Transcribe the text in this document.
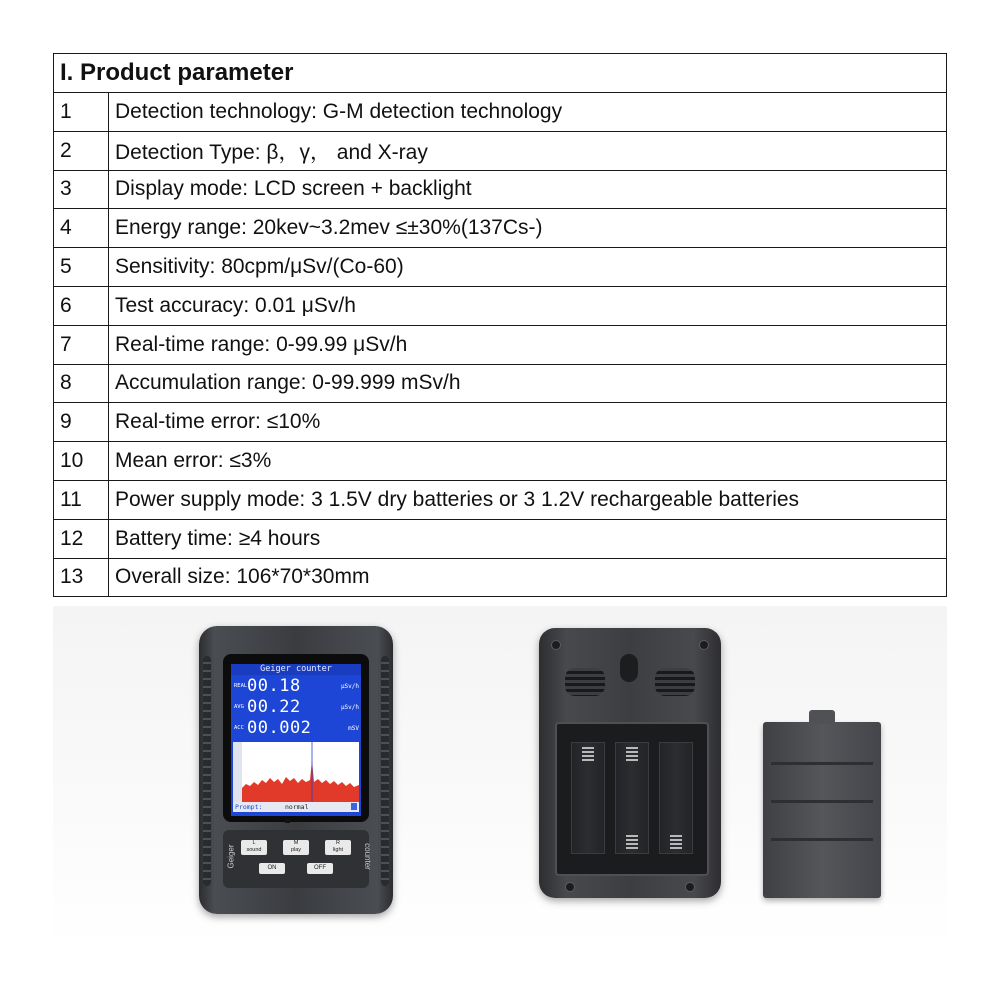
I. Product parameter	
1	Detection technology: G-M detection technology
2	Detection Type: β，γ， and X-ray
3	Display mode: LCD screen + backlight
4	Energy range: 20kev~3.2mev ≤±30%(137Cs-)
5	Sensitivity: 80cpm/μSv/(Co-60)
6	Test accuracy: 0.01 μSv/h
7	Real-time range: 0-99.99 μSv/h
8	Accumulation range: 0-99.999 mSv/h
9	Real-time error: ≤10%
10	Mean error: ≤3%
11	Power supply mode: 3 1.5V dry batteries or 3 1.2V rechargeable batteries
12	Battery time: ≥4 hours
13	Overall size: 106*70*30mm
Geiger counter
REAL 00.18	μSv/h
AVG 00.22	μSv/h
ACC 00.002	mSV
Prompt:	normal
Geiger	counter
L
sound
M
play
R
light
ON	OFF
